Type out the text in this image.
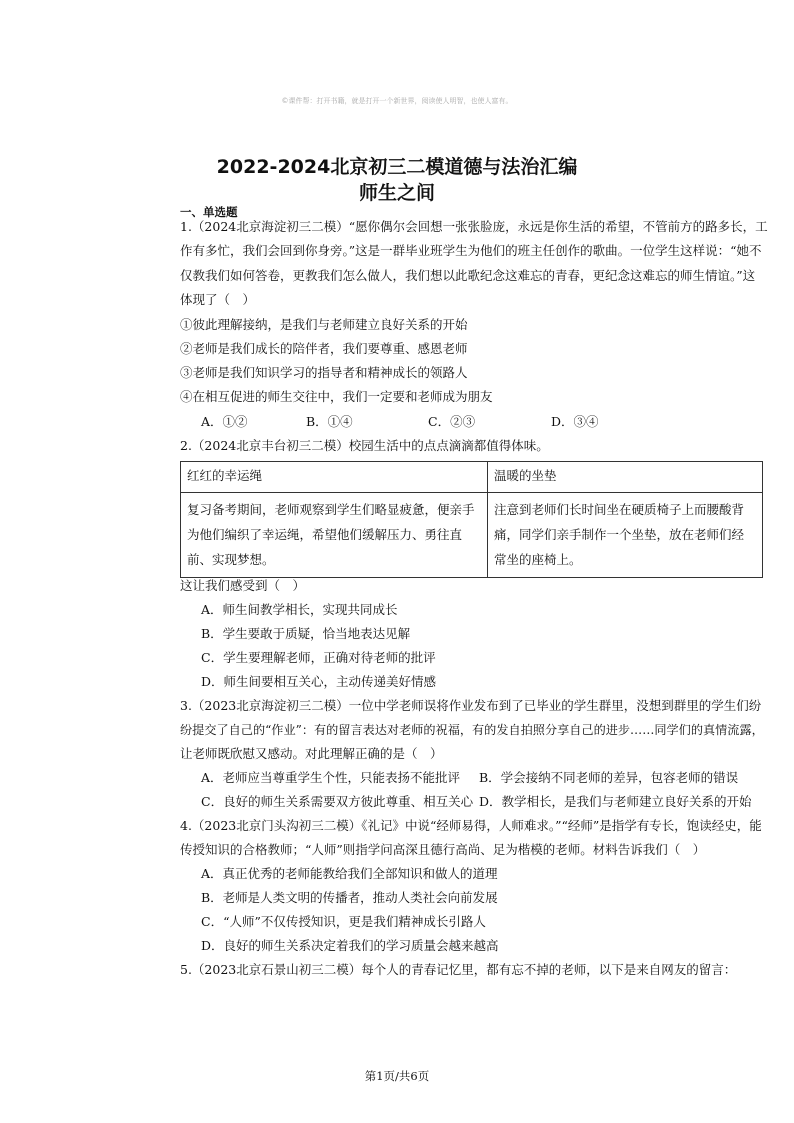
©课件帮：打开书籍，就是打开一个新世界，阅读使人明智，也使人富有。
2022-2024北京初三二模道德与法治汇编
师生之间
一、单选题
1.（2024北京海淀初三二模）“愿你偶尔会回想一张张脸庞，永远是你生活的希望，不管前方的路多长，工
作有多忙，我们会回到你身旁。”这是一群毕业班学生为他们的班主任创作的歌曲。一位学生这样说：“她不
仅教我们如何答卷，更教我们怎么做人，我们想以此歌纪念这难忘的青春，更纪念这难忘的师生情谊。”这
体现了（　）
①彼此理解接纳，是我们与老师建立良好关系的开始
②老师是我们成长的陪伴者，我们要尊重、感恩老师
③老师是我们知识学习的指导者和精神成长的领路人
④在相互促进的师生交往中，我们一定要和老师成为朋友
A．①②	B．①④	C．②③	D．③④
2.（2024北京丰台初三二模）校园生活中的点点滴滴都值得体味。
红红的幸运绳	温暖的坐垫
复习备考期间，老师观察到学生们略显疲惫，便亲手为他们编织了幸运绳，希望他们缓解压力、勇往直前、实现梦想。	注意到老师们长时间坐在硬质椅子上而腰酸背痛，同学们亲手制作一个坐垫，放在老师们经常坐的座椅上。
这让我们感受到（　）
A．师生间教学相长，实现共同成长
B．学生要敢于质疑，恰当地表达见解
C．学生要理解老师，正确对待老师的批评
D．师生间要相互关心，主动传递美好情感
3.（2023北京海淀初三二模）一位中学老师误将作业发布到了已毕业的学生群里，没想到群里的学生们纷
纷提交了自己的“作业”：有的留言表达对老师的祝福，有的发自拍照分享自己的进步……同学们的真情流露，
让老师既欣慰又感动。对此理解正确的是（　）
A．老师应当尊重学生个性，只能表扬不能批评 B．学会接纳不同老师的差异，包容老师的错误
C．良好的师生关系需要双方彼此尊重、相互关心 D．教学相长，是我们与老师建立良好关系的开始
4.（2023北京门头沟初三二模）《礼记》中说“经师易得，人师难求。”“经师”是指学有专长，饱读经史，能
传授知识的合格教师；“人师”则指学问高深且德行高尚、足为楷模的老师。材料告诉我们（　）
A．真正优秀的老师能教给我们全部知识和做人的道理
B．老师是人类文明的传播者，推动人类社会向前发展
C．“人师”不仅传授知识，更是我们精神成长引路人
D．良好的师生关系决定着我们的学习质量会越来越高
5.（2023北京石景山初三二模）每个人的青春记忆里，都有忘不掉的老师，以下是来自网友的留言：
第1页/共6页
